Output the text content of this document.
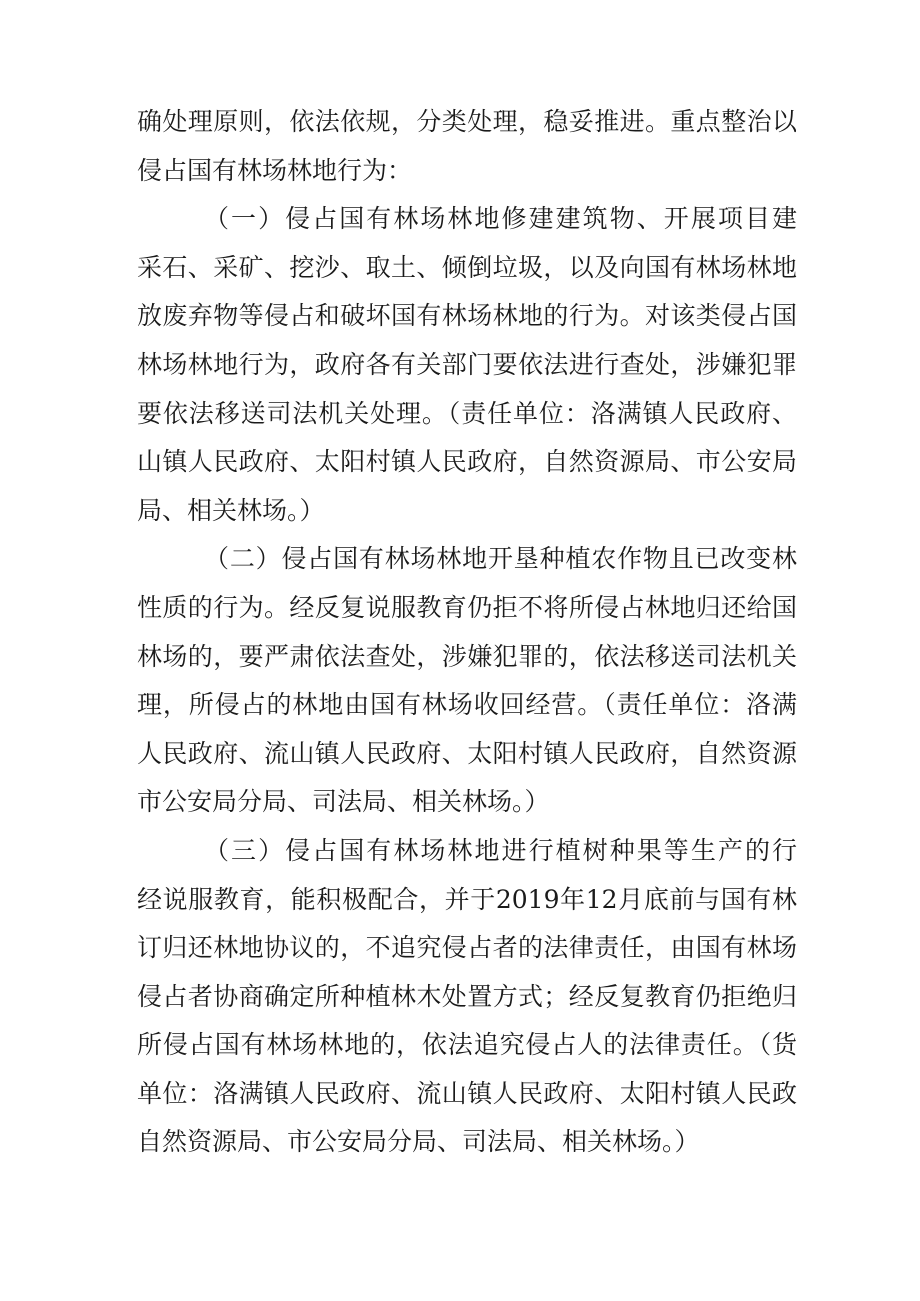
确处理原则，依法依规，分类处理，稳妥推进。重点整治以
侵占国有林场林地行为：
（一）侵占国有林场林地修建建筑物、开展项目建
采石、采矿、挖沙、取土、倾倒垃圾，以及向国有林场林地
放废弃物等侵占和破坏国有林场林地的行为。对该类侵占国
林场林地行为，政府各有关部门要依法进行查处，涉嫌犯罪
要依法移送司法机关处理。（责任单位：洛满镇人民政府、
山镇人民政府、太阳村镇人民政府，自然资源局、市公安局
局、相关林场。）
（二）侵占国有林场林地开垦种植农作物且已改变林
性质的行为。经反复说服教育仍拒不将所侵占林地归还给国
林场的，要严肃依法查处，涉嫌犯罪的，依法移送司法机关
理，所侵占的林地由国有林场收回经营。（责任单位：洛满
人民政府、流山镇人民政府、太阳村镇人民政府，自然资源
市公安局分局、司法局、相关林场。）
（三）侵占国有林场林地进行植树种果等生产的行
经说服教育，能积极配合，并于2019年12月底前与国有林
订归还林地协议的，不追究侵占者的法律责任，由国有林场
侵占者协商确定所种植林木处置方式；经反复教育仍拒绝归
所侵占国有林场林地的，依法追究侵占人的法律责任。（货
单位：洛满镇人民政府、流山镇人民政府、太阳村镇人民政
自然资源局、市公安局分局、司法局、相关林场。）
